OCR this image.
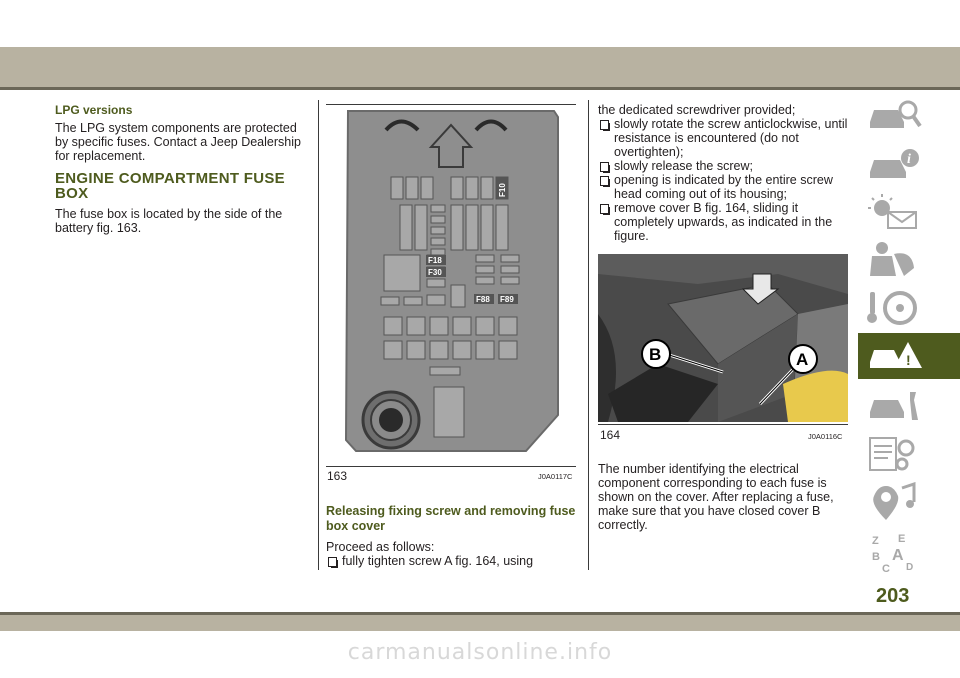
LPG versions

The LPG system components are protected by specific fuses. Contact a Jeep Dealership for replacement.

ENGINE COMPARTMENT FUSE BOX

The fuse box is located by the side of the battery fig. 163.

F10
F18
F30
F88 F89
163	J0A0117C
Releasing fixing screw and removing fuse box cover

Proceed as follows:

fully tighten screw A fig. 164, using

the dedicated screwdriver provided;

slowly rotate the screw anticlockwise, until resistance is encountered (do not overtighten);
slowly release the screw;
opening is indicated by the entire screw head coming out of its housing;
remove cover B fig. 164, sliding it completely upwards, as indicated in the figure.
B	A
164	J0A0116C

The number identifying the electrical component corresponding to each fuse is shown on the cover. After replacing a fuse, make sure that you have closed cover B correctly.

i
!
Z E
B A
C D
203
carmanualsonline.info
